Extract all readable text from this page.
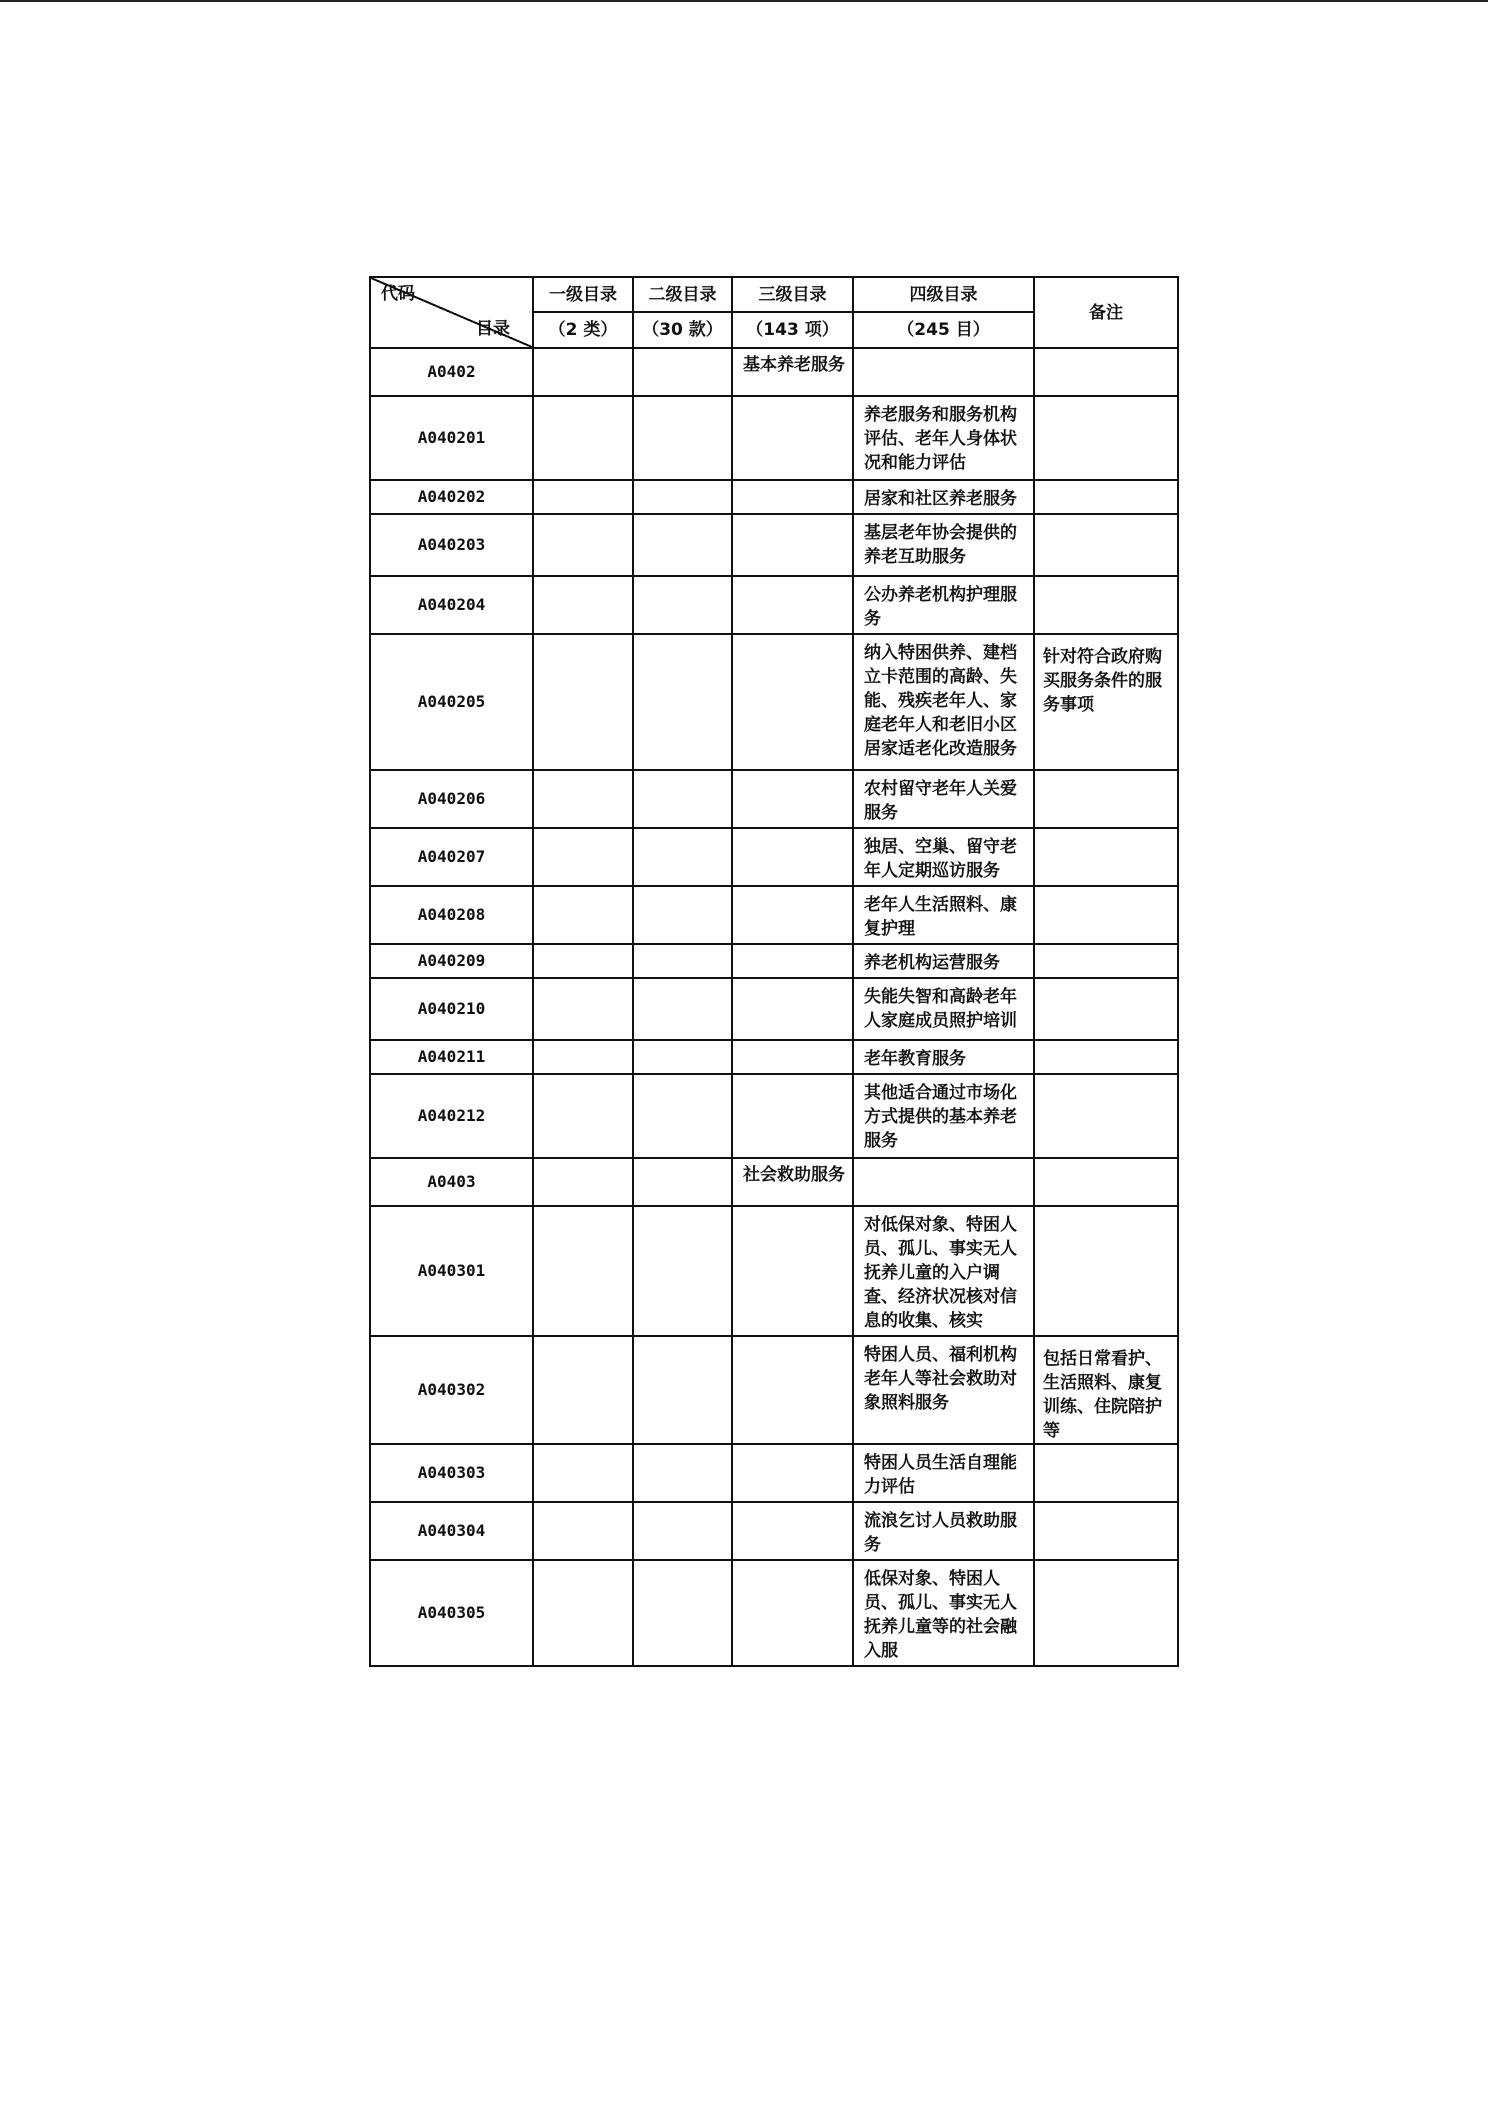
代码
目录	一级目录	二级目录	三级目录	四级目录	备注
	（2 类）	（30 款）	（143 项）	（245 目）	
A0402			基本养老服务		
A040201				养老服务和服务机构评估、老年人身体状况和能力评估	
A040202				居家和社区养老服务	
A040203				基层老年协会提供的养老互助服务	
A040204				公办养老机构护理服务	
A040205				纳入特困供养、建档立卡范围的高龄、失能、残疾老年人、家庭老年人和老旧小区居家适老化改造服务	针对符合政府购买服务条件的服务事项
A040206				农村留守老年人关爱服务	
A040207				独居、空巢、留守老年人定期巡访服务	
A040208				老年人生活照料、康复护理	
A040209				养老机构运营服务	
A040210				失能失智和高龄老年人家庭成员照护培训	
A040211				老年教育服务	
A040212				其他适合通过市场化方式提供的基本养老服务	
A0403			社会救助服务		
A040301				对低保对象、特困人员、孤儿、事实无人抚养儿童的入户调查、经济状况核对信息的收集、核实	
A040302				特困人员、福利机构老年人等社会救助对象照料服务	包括日常看护、生活照料、康复训练、住院陪护等
A040303				特困人员生活自理能力评估	
A040304				流浪乞讨人员救助服务	
A040305				低保对象、特困人员、孤儿、事实无人抚养儿童等的社会融入服	
